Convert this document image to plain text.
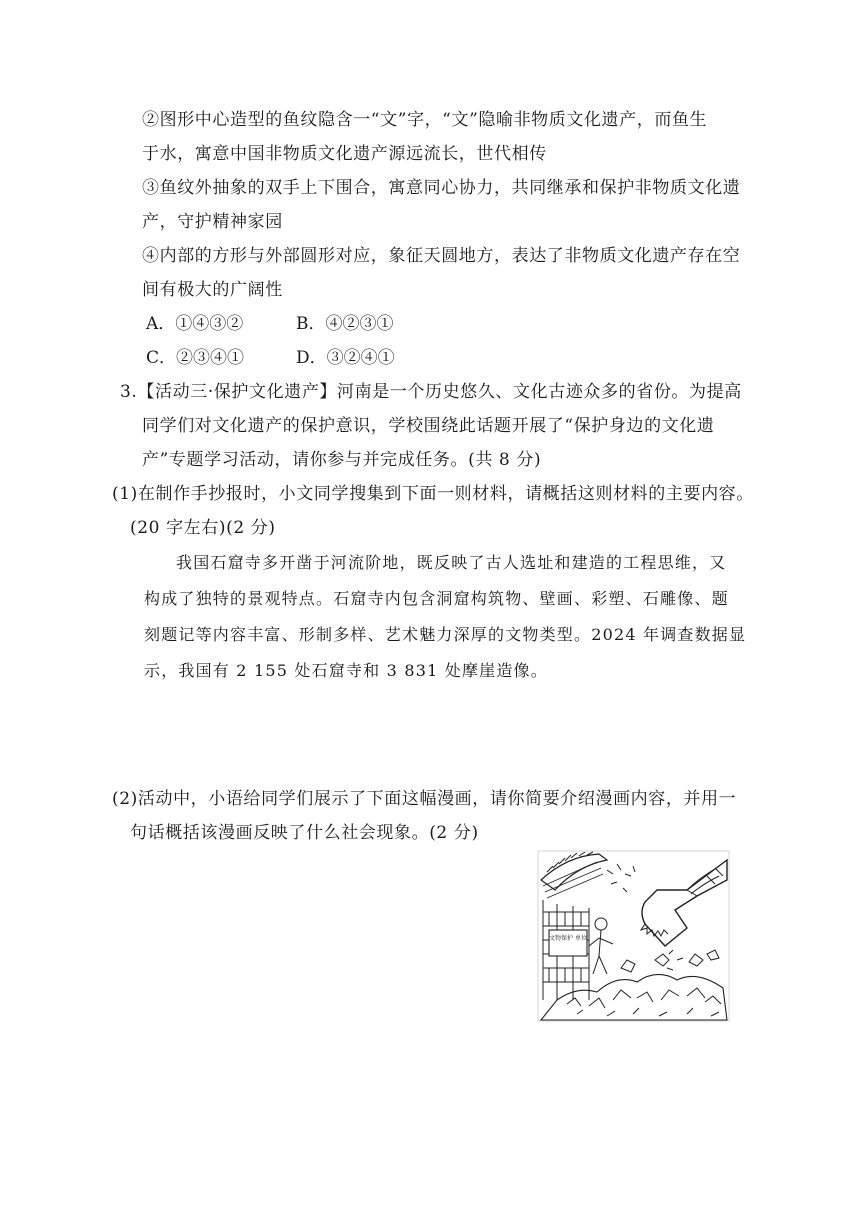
②图形中心造型的鱼纹隐含一“文”字，“文”隐喻非物质文化遗产，而鱼生
于水，寓意中国非物质文化遗产源远流长，世代相传
③鱼纹外抽象的双手上下围合，寓意同心协力，共同继承和保护非物质文化遗
产，守护精神家园
④内部的方形与外部圆形对应，象征天圆地方，表达了非物质文化遗产存在空
间有极大的广阔性
A．①④③②	B．④②③①
C．②③④①	D．③②④①
3.【活动三·保护文化遗产】河南是一个历史悠久、文化古迹众多的省份。为提高
同学们对文化遗产的保护意识，学校围绕此话题开展了“保护身边的文化遗
产”专题学习活动，请你参与并完成任务。(共 8 分)
(1)在制作手抄报时，小文同学搜集到下面一则材料，请概括这则材料的主要内容。
(20 字左右)(2 分)
我国石窟寺多开凿于河流阶地，既反映了古人选址和建造的工程思维，又
构成了独特的景观特点。石窟寺内包含洞窟构筑物、壁画、彩塑、石雕像、题
刻题记等内容丰富、形制多样、艺术魅力深厚的文物类型。2024 年调查数据显
示，我国有 2 155 处石窟寺和 3 831 处摩崖造像。
(2)活动中，小语给同学们展示了下面这幅漫画，请你简要介绍漫画内容，并用一
句话概括该漫画反映了什么社会现象。(2 分)
文物保护 单位
